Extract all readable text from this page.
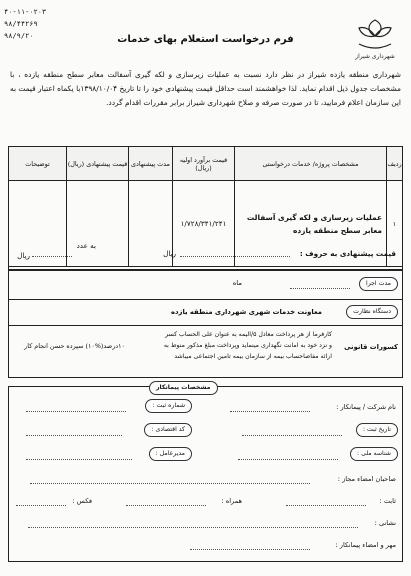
۴۰-۱۱-۰۲۰۳
۹۸/۴۴۲۶۹
۹۸/۹/۲۰
شهرداری شیراز
فرم درخواست استعلام بهای خدمات
شهرداری منطقه یازده شیراز در نظر دارد نسبت به عملیات زیرسازی و لکه گیری آسفالت معابر سطح منطقه یازده ، با مشخصات جدول ذیل اقدام نماید. لذا خواهشمند است حداقل قیمت پیشنهادی خود را تا تاریخ ۱۳۹۸/۱۰/۰۴با یکماه اعتبار قیمت به این سازمان اعلام فرمایید، تا در صورت صرفه و صلاح شهرداری شیراز برابر مقررات اقدام گردد.
ردیف	مشخصات پروژه/ خدمات درخواستی	قیمت برآورد اولیه (ریال)	مدت پیشنهادی	قیمت پیشنهادی (ریال)	توضیحات
۱	عملیات زیرسازی و لکه گیری آسفالت معابر سطح منطقه یازده	۱/۷۲۸/۳۴۱/۲۴۱			
قیمت پیشنهادی به حروف :
ریال
به عدد
ریال
مدت اجرا
ماه
دستگاه نظارت
معاونت خدمات شهری شهرداری منطقه یازده
کسورات قانونی
کارفرما از هر پرداخت معادل ۵/الیمه به عنوان علی الحساب کسر و نزد خود به امانت نگهداری مینماید وپرداخت مبلغ مذکور منوط به ارائه مفاصاحساب بیمه از سازمان بیمه تامین اجتماعی میباشد
۱۰درصد(%۱۰) سپرده حسن انجام کار
مشخصات پیمانکار
نام شرکت / پیمانکار :
شماره ثبت :
تاریخ ثبت :
کد اقتصادی :
شناسه ملی :
مدیرعامل :
صاحبان امضاء مجاز :
ثابت :
همراه :
فکس :
نشانی :
مهر و امضاء پیمانکار :
